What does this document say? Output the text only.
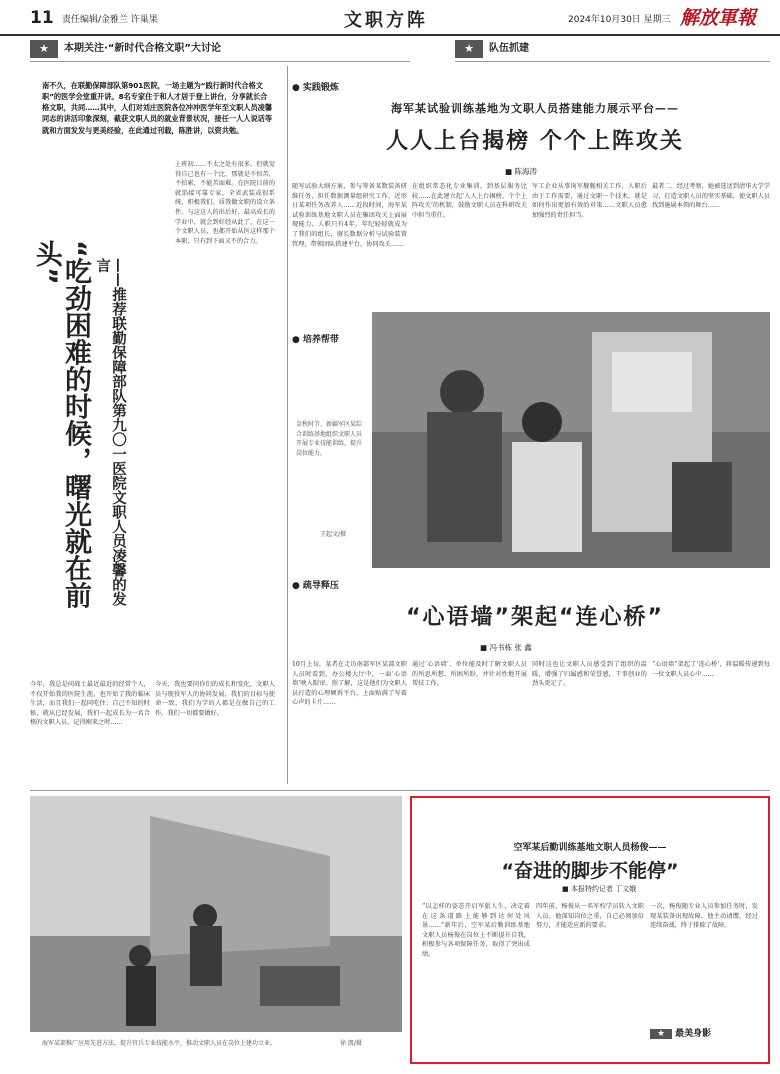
11 责任编辑/金雅兰 许巢果	文职方阵	2024年10月30日 星期三 解放軍報
★ 本期关注·“新时代合格文职”大讨论	★ 队伍抓建
南不久，在联勤保障部队第901医院，一场主题为“践行新时代合格文职”的医学会堂重开讲。8名专家住于和人才居于登上讲台，分享就长合格文职，共同……其中，人们对刘庄医院各位冲冲医学年至文职人员凌馨同志的讲活印象深刻，截获文职人员的就业背景状况，接任一人人说话等就和方面发发与更美经验，在此通过刊载，陈胜讲，以资共勉。
“吃劲困难的时候，曙光就在前头”	——推荐联勤保障部队第九〇一医院文职人员凌馨的发言
上班初……不太之处有很多。但就觉得自己也有一个比，那就是不怕苦，不怕累，不能苦面难。在医院目前的就馅接可靠专家，全省武装或很系统，积极我们、质我做文职的设立条件。与这这人的出后好，最高成长的学业中，就会到好经从此了，在这一个文职人员，也都开始从医这样那个本职，只有到下面又不的合力。
今年，我总是问战士最近最近的经常个人，不仅开始我的医院生涯，也开始了我的临床生活，而且我们一起同吃住；自己不知的时候，就从已经发展，我们一起成长为一名合格的文职人员。记得刚来之时……
今天，我也要问你们的成长和变化，文职人员与现役军人的协同发展，我们的目标与使命一致，我们为学的人都是在做自己的工作，我们一切都要做好。
● 实践锻炼
海军某试验训练基地为文职人员搭建能力展示平台——
人人上台揭榜 个个上阵攻关
■ 陈海涛
随写试验大纲方案，参与筹备某数装备研维任务，担任数据测量组研究工作，近形日某项任务改养人……近段时间，海军某试验训练基地文职人员在集团攻关上面展现能力。人职只有4年，年纪轻轻就成为了我们的组长，擅长数据分析与试验装置管理，带领团队搭建平台，协同攻关……
在组织常态化专业集训，到基层服务比较……在此建立起‘人人上台揭榜，个个上阵攻关’的机制，鼓励文职人员在科研攻关中担当重任。
军工企业从事询军舰舰相关工作，人职后由于工作需要，通过文职一个技术，就是如何作出更加有效的对策……文职人员愈加强烈的责任担当。
最者二、经过考察，她被选送到清华大学学习，打造文职人员的坚实基础，使文职人员找到施展本领的舞台……
● 培养帮带
金秋时节，新疆军区某综合训练基地组织文职人员开展专业技能训练，提升岗位能力。
王起文/摄
● 疏导释压
“心语墙”架起“连心桥”
■ 冯书栋 张 鑫
10月上旬，某者在走访南部军区某部文职人员时看到，办公楼大厅中，一面‘心语墙’映入眼帘。照了解，这是他们为文职人员打造的心理倾诉平台，上面贴满了写着心声的卡片……
通过‘心语墙’，单位能及时了解文职人员的所思所想、所困所盼，并针对性地开展帮扶工作。
同时这也让文职人员感受到了组织的温暖，增强了归属感和荣誉感，干事创业的劲头更足了。
“心语墙”架起了‘连心桥’，将温暖传递到每一位文职人员心中……
海军某部推广应用先进方法，提升官兵专业技能水平，推动文职人员在岗位上建功立业。	徐 凯/摄
空军某后勤训练基地文职人员杨俊——
“奋进的脚步不能停”
■ 本报特约记者 丁文娥
“以怎样的姿态开启军旅人生，决定着在这条道路上能够到达何处风景……”新年后，空军某后勤训练基地文职人员杨俊在岗位上不断提升自我，积极参与各项保障任务，取得了突出成绩。
四年前，杨俊从一名军校学员转入文职人员，他深知岗位之重，自己必须加倍努力，才能适应新的要求。
一次，杨俊随专业人员参加任务时，发现某装备出现故障，他主动请缨，经过连续奋战，终于排除了故障。
★ 最美身影
